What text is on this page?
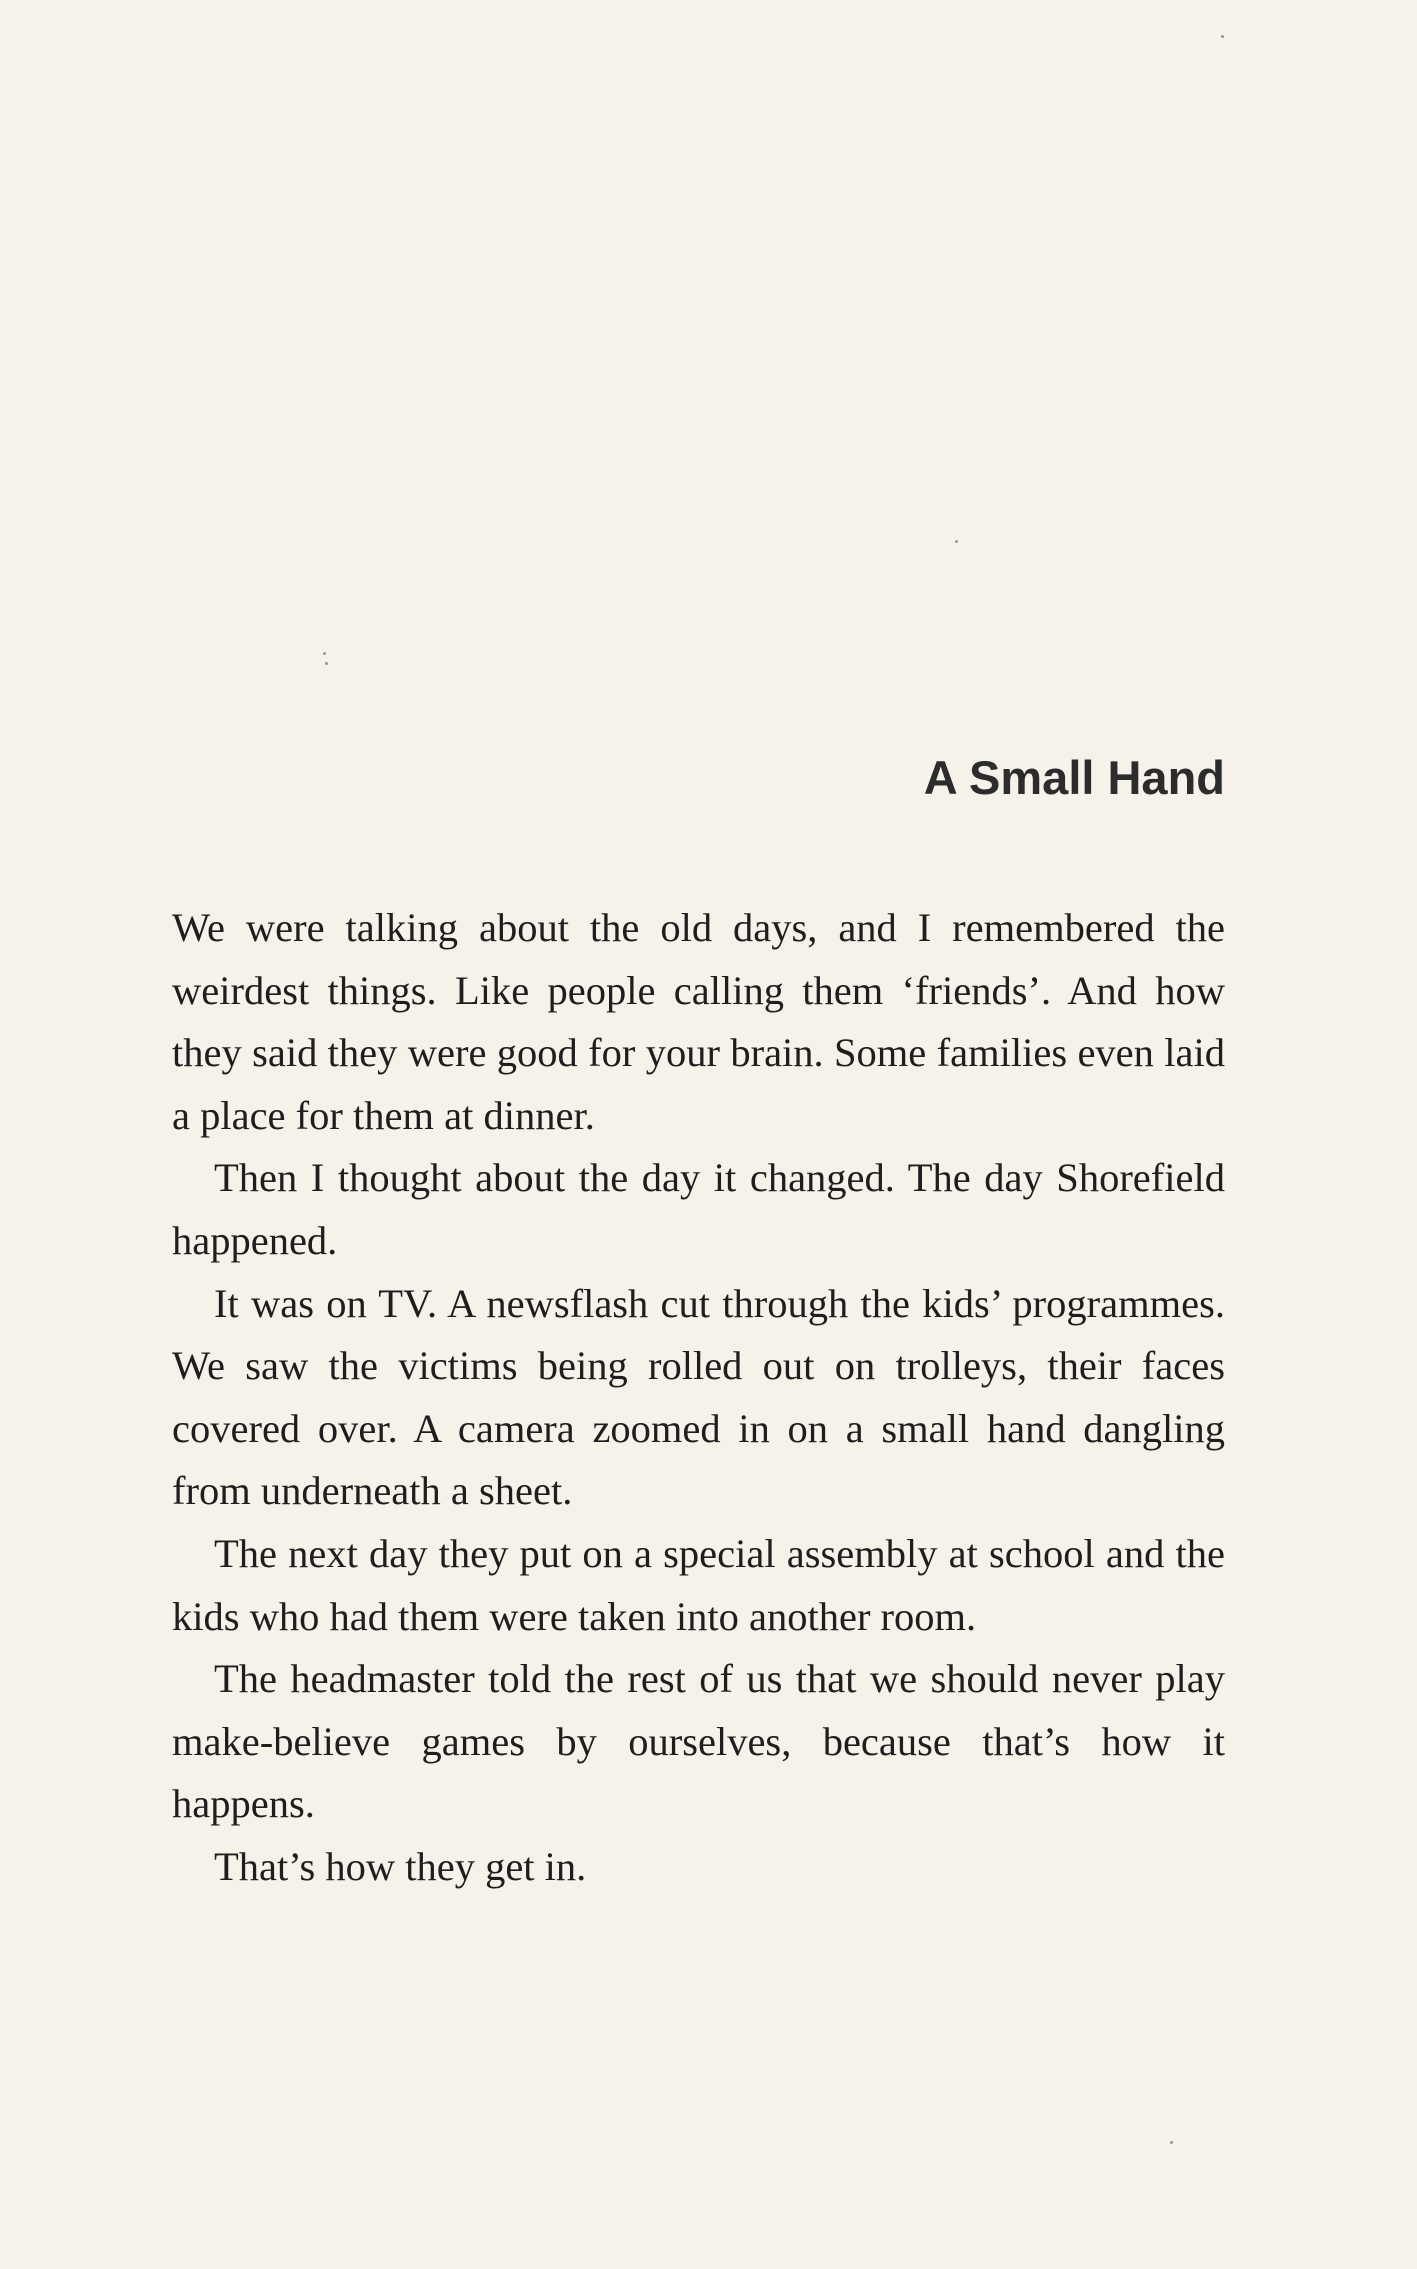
A Small Hand

We were talking about the old days, and I remembered the weirdest things. Like people calling them ‘friends’. And how they said they were good for your brain. Some families even laid a place for them at dinner.

Then I thought about the day it changed. The day Shorefield happened.

It was on TV. A newsflash cut through the kids’ programmes. We saw the victims being rolled out on trolleys, their faces covered over. A camera zoomed in on a small hand dangling from underneath a sheet.

The next day they put on a special assembly at school and the kids who had them were taken into another room.

The headmaster told the rest of us that we should never play make-believe games by ourselves, because that’s how it happens.

That’s how they get in.
